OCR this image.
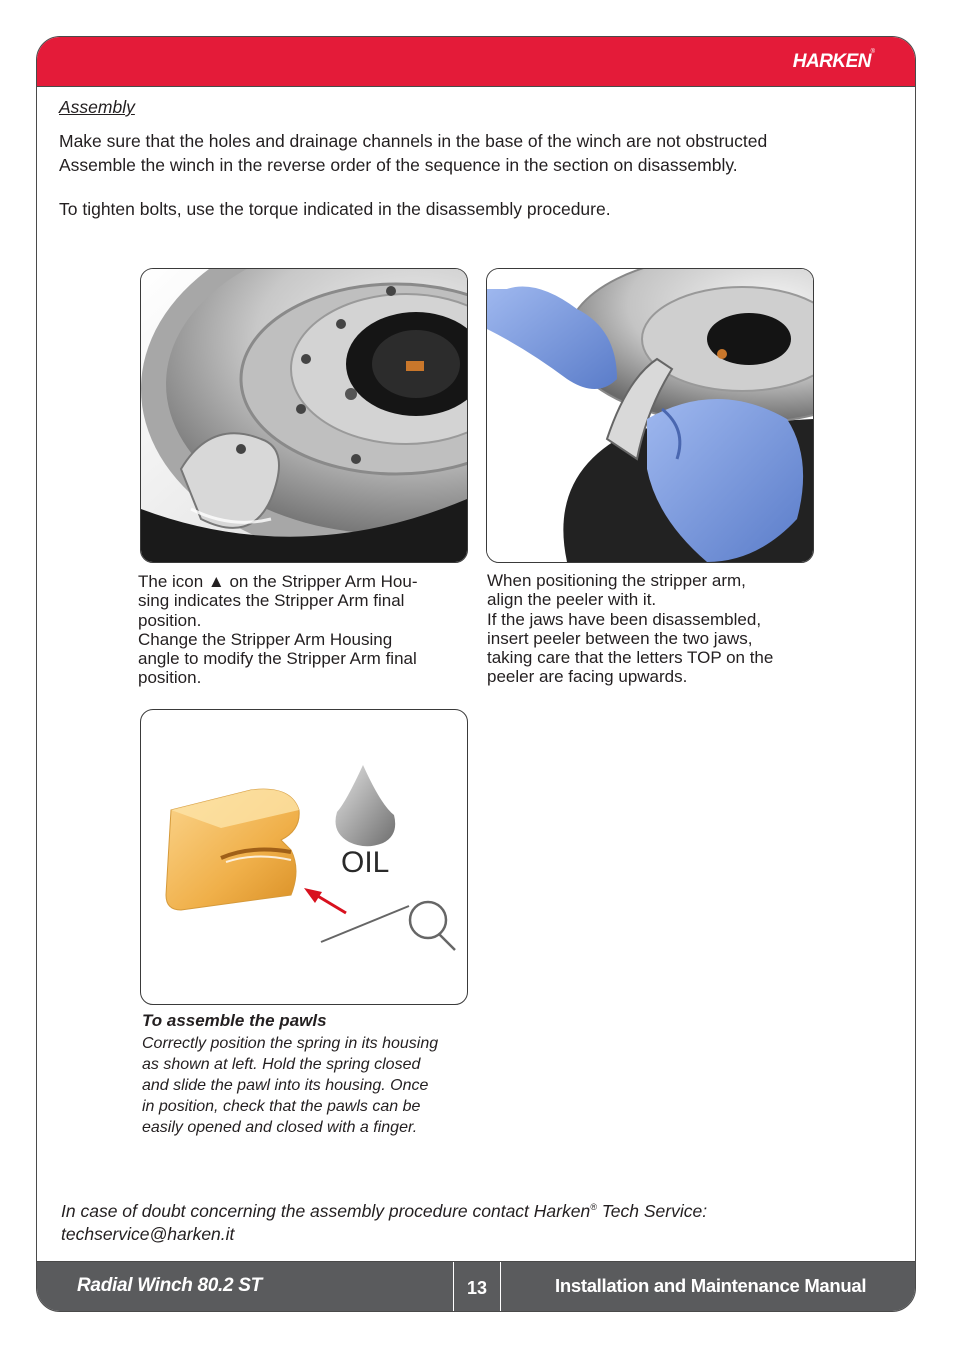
HARKEN ®
Radial Winch 80.2 ST	13	Installation and Maintenance Manual
Assembly

Make sure that the holes and drainage channels in the base of the winch are not obstructed

Assemble the winch in the reverse order of the sequence in the section on disassembly.

To tighten bolts, use the torque indicated in the disassembly procedure.

The icon ▲ on the Stripper Arm Hou-

sing indicates the Stripper Arm final

position.

Change the Stripper Arm Housing

angle to modify the Stripper Arm final

position.

When positioning the stripper arm,

align the peeler with it.

If the jaws have been disassembled,

insert peeler between the two jaws,

taking care that the letters TOP on the

peeler are facing upwards.

OIL
To assemble the pawls

Correctly position the spring in its housing

as shown at left. Hold the spring closed

and slide the pawl into its housing. Once

in position, check that the pawls can be

easily opened and closed with a finger.

In case of doubt concerning the assembly procedure contact Harken® Tech Service:

techservice@harken.it
